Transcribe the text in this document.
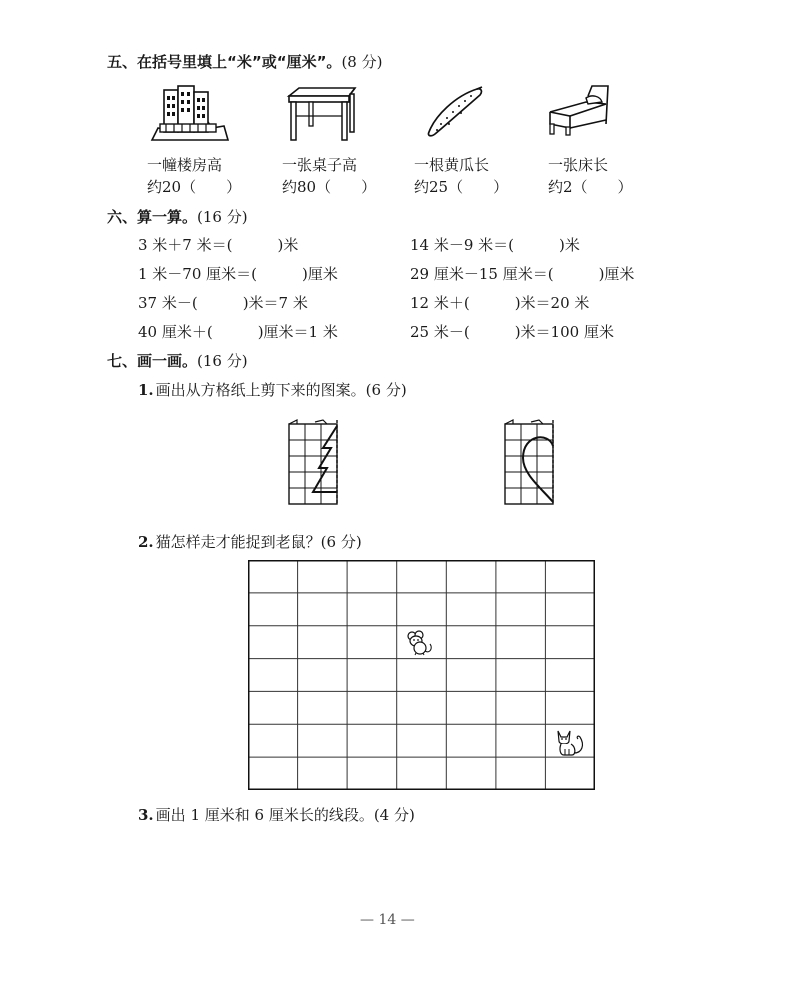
五、在括号里填上“米”或“厘米”。(8 分)
一幢楼房高
约20（　　）
一张桌子高
约80（　　）
一根黄瓜长
约25（　　）
一张床长
约2（　　）
六、算一算。(16 分)
3 米＋7 米＝(　　　)米
1 米－70 厘米＝(　　　)厘米
37 米－(　　　)米＝7 米
40 厘米＋(　　　)厘米＝1 米
14 米－9 米＝(　　　)米
29 厘米－15 厘米＝(　　　)厘米
12 米＋(　　　)米＝20 米
25 米－(　　　)米＝100 厘米
七、画一画。(16 分)
1. 画出从方格纸上剪下来的图案。(6 分)
2. 猫怎样走才能捉到老鼠？(6 分)
3. 画出 1 厘米和 6 厘米长的线段。(4 分)
— 14 —
